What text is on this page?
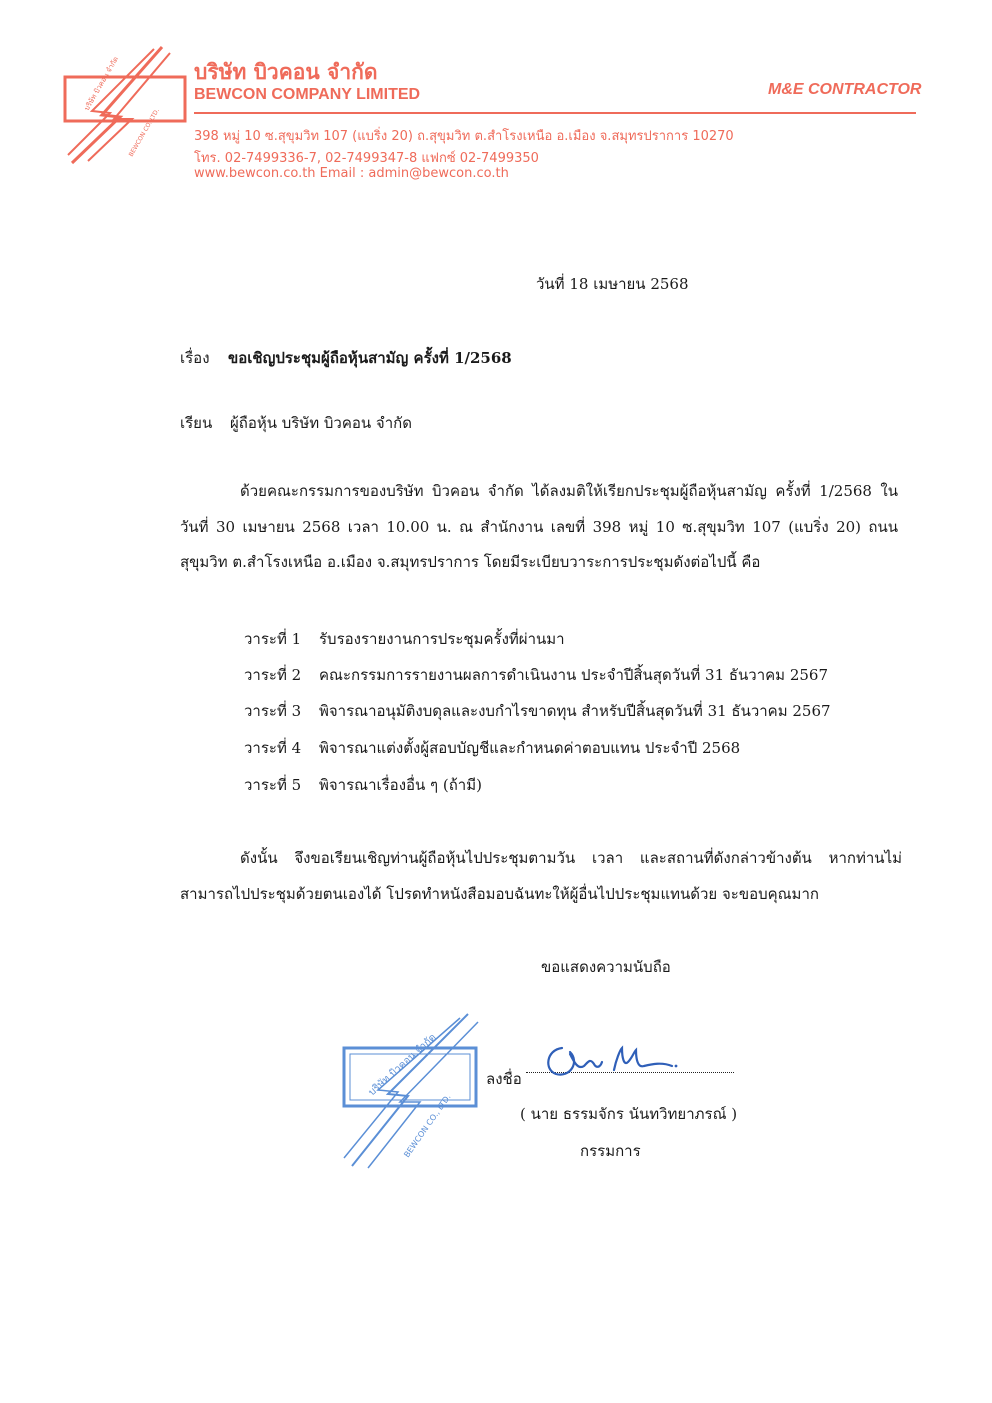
บริษัท บิวคอน จำกัด
BEWCON CO.,LTD.
บริษัท บิวคอน จำกัด
BEWCON COMPANY LIMITED	M&E CONTRACTOR
398 หมู่ 10 ซ.สุขุมวิท 107 (แบริ่ง 20) ถ.สุขุมวิท ต.สำโรงเหนือ อ.เมือง จ.สมุทรปราการ 10270
โทร. 02-7499336-7, 02-7499347-8 แฟกซ์ 02-7499350
www.bewcon.co.th Email : admin@bewcon.co.th
วันที่ 18 เมษายน 2568
เรื่อง ขอเชิญประชุมผู้ถือหุ้นสามัญ ครั้งที่ 1/2568
เรียน ผู้ถือหุ้น บริษัท บิวคอน จำกัด
ด้วยคณะกรรมการของบริษัท บิวคอน จำกัด ได้ลงมติให้เรียกประชุมผู้ถือหุ้นสามัญ ครั้งที่ 1/2568 ใน
วันที่ 30 เมษายน 2568 เวลา 10.00 น. ณ สำนักงาน เลขที่ 398 หมู่ 10 ซ.สุขุมวิท 107 (แบริ่ง 20) ถนน
สุขุมวิท ต.สำโรงเหนือ อ.เมือง จ.สมุทรปราการ โดยมีระเบียบวาระการประชุมดังต่อไปนี้ คือ
วาระที่ 1 รับรองรายงานการประชุมครั้งที่ผ่านมา
วาระที่ 2 คณะกรรมการรายงานผลการดำเนินงาน ประจำปีสิ้นสุดวันที่ 31 ธันวาคม 2567
วาระที่ 3 พิจารณาอนุมัติงบดุลและงบกำไรขาดทุน สำหรับปีสิ้นสุดวันที่ 31 ธันวาคม 2567
วาระที่ 4 พิจารณาแต่งตั้งผู้สอบบัญชีและกำหนดค่าตอบแทน ประจำปี 2568
วาระที่ 5 พิจารณาเรื่องอื่น ๆ (ถ้ามี)
ดังนั้น จึงขอเรียนเชิญท่านผู้ถือหุ้นไปประชุมตามวัน เวลา และสถานที่ดังกล่าวข้างต้น หากท่านไม่
สามารถไปประชุมด้วยตนเองได้ โปรดทำหนังสือมอบฉันทะให้ผู้อื่นไปประชุมแทนด้วย จะขอบคุณมาก
ขอแสดงความนับถือ
บริษัท บิวคอน จำกัด
BEWCON CO., LTD.
ลงชื่อ
( นาย ธรรมจักร นันทวิทยาภรณ์ )
กรรมการ
